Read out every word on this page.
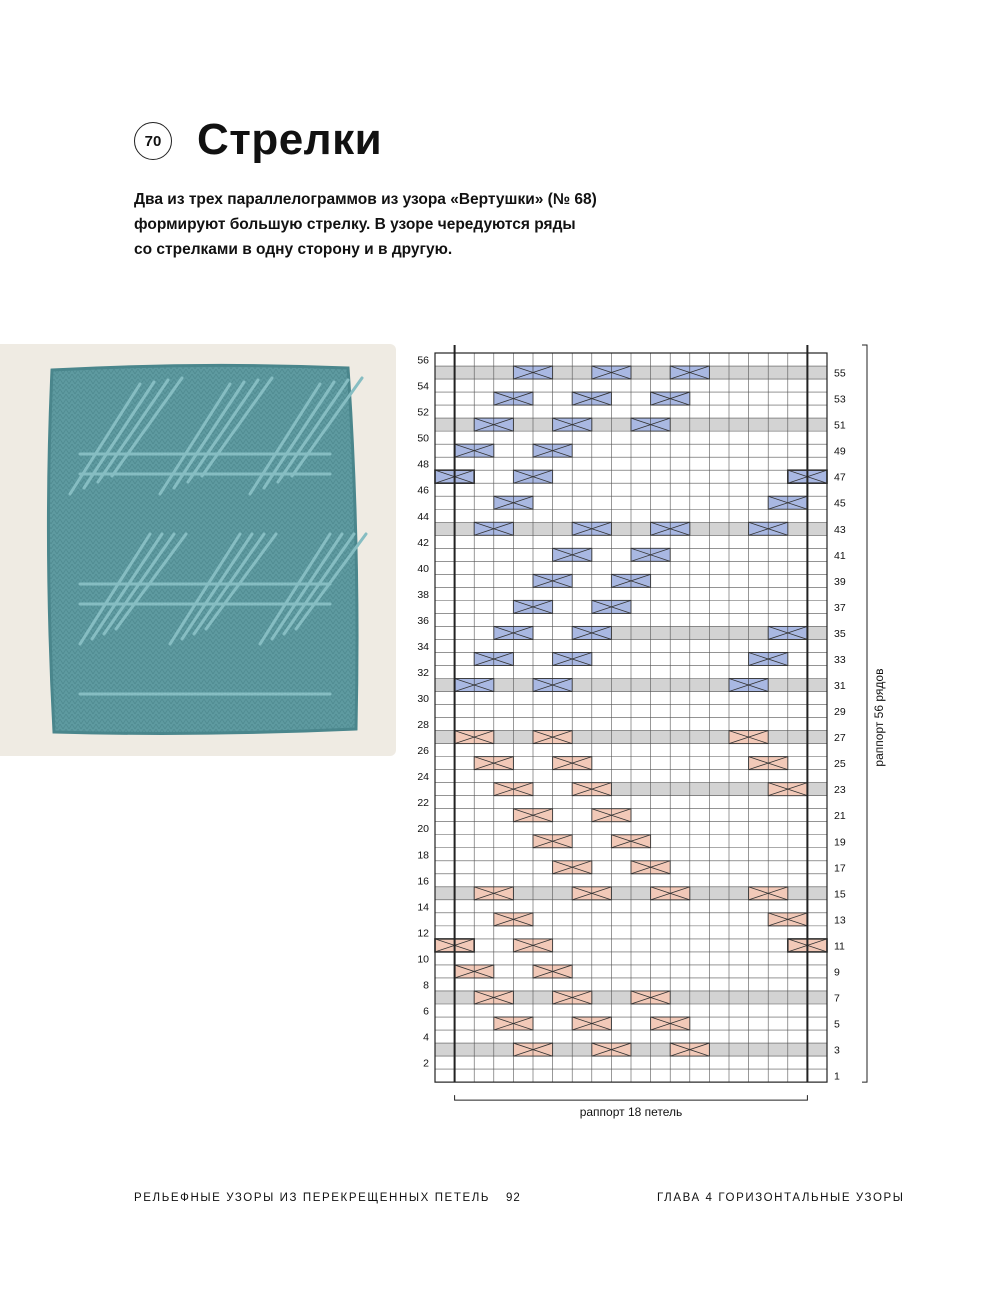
70 Стрелки
Два из трех параллелограммов из узора «Вертушки» (№ 68)
формируют большую стрелку. В узоре чередуются ряды
со стрелками в одну сторону и в другую.
1
2
3
4
5
6
7
8
9
10
11
12
13
14
15
16
17
18
19
20
21
22
23
24
25
26
27
28
29
30
31
32
33
34
35
36
37
38
39
40
41
42
43
44
45
46
47
48
49
50
51
52
53
54
55
56
раппорт 18 петель
раппорт 56 рядов
РЕЛЬЕФНЫЕ УЗОРЫ ИЗ ПЕРЕКРЕЩЕННЫХ ПЕТЕЛЬ 92	ГЛАВА 4 ГОРИЗОНТАЛЬНЫЕ УЗОРЫ
